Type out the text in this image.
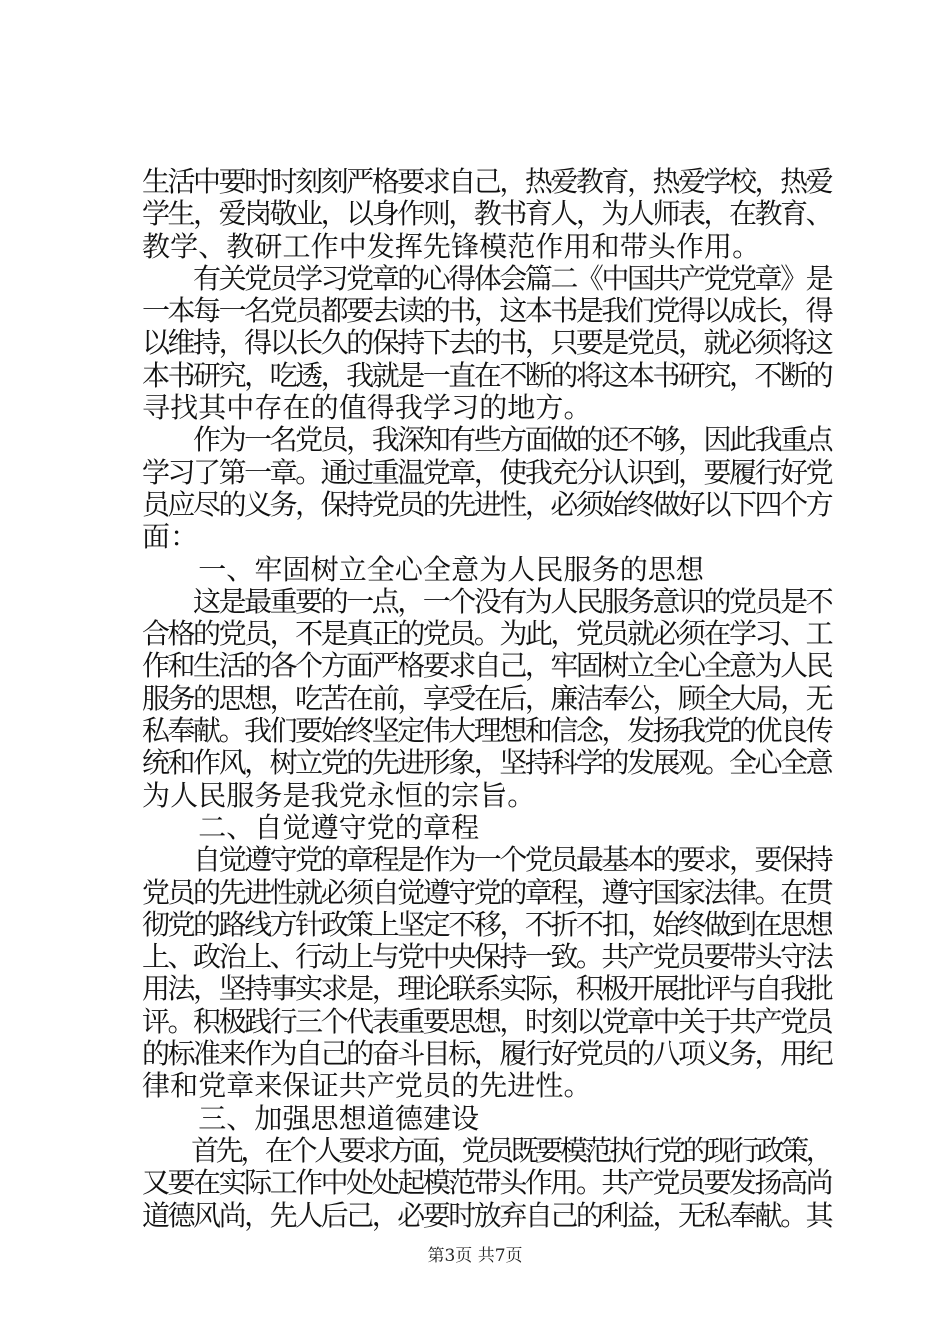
生活中要时时刻刻严格要求自己，热爱教育，热爱学校，热爱
学生，爱岗敬业，以身作则，教书育人，为人师表，在教育、
教学、教研工作中发挥先锋模范作用和带头作用。
　　有关党员学习党章的心得体会篇二《中国共产党党章》是
一本每一名党员都要去读的书，这本书是我们党得以成长，得
以维持，得以长久的保持下去的书，只要是党员，就必须将这
本书研究，吃透，我就是一直在不断的将这本书研究，不断的
寻找其中存在的值得我学习的地方。
　　作为一名党员，我深知有些方面做的还不够，因此我重点
学习了第一章。通过重温党章，使我充分认识到，要履行好党
员应尽的义务，保持党员的先进性，必须始终做好以下四个方
面：
　　一、牢固树立全心全意为人民服务的思想
　　这是最重要的一点，一个没有为人民服务意识的党员是不
合格的党员，不是真正的党员。为此，党员就必须在学习、工
作和生活的各个方面严格要求自己，牢固树立全心全意为人民
服务的思想，吃苦在前，享受在后，廉洁奉公，顾全大局，无
私奉献。我们要始终坚定伟大理想和信念，发扬我党的优良传
统和作风，树立党的先进形象，坚持科学的发展观。全心全意
为人民服务是我党永恒的宗旨。
　　二、自觉遵守党的章程
　　自觉遵守党的章程是作为一个党员最基本的要求，要保持
党员的先进性就必须自觉遵守党的章程，遵守国家法律。在贯
彻党的路线方针政策上坚定不移，不折不扣，始终做到在思想
上、政治上、行动上与党中央保持一致。共产党员要带头守法
用法，坚持事实求是，理论联系实际，积极开展批评与自我批
评。积极践行三个代表重要思想，时刻以党章中关于共产党员
的标准来作为自己的奋斗目标，履行好党员的八项义务，用纪
律和党章来保证共产党员的先进性。
　　三、加强思想道德建设
　　首先，在个人要求方面，党员既要模范执行党的现行政策，
又要在实际工作中处处起模范带头作用。共产党员要发扬高尚
道德风尚，先人后己，必要时放弃自己的利益，无私奉献。其
第3页 共7页
